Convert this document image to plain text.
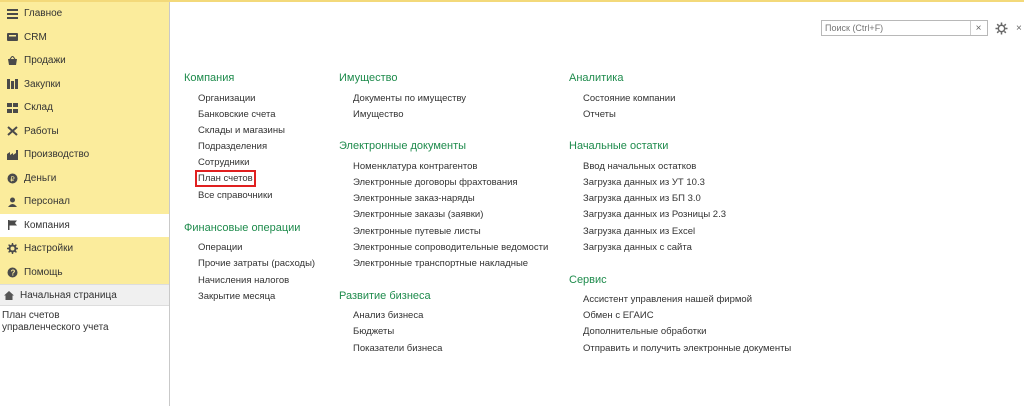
Главное
CRM
Продажи
Закупки
Склад
Работы
Производство
₽ Деньги
Персонал
Компания
Настройки
? Помощь
Начальная страница
План счетов управленческого учета
Поиск (Ctrl+F)
×	×
Компания
Организации
Банковские счета
Склады и магазины
Подразделения
Сотрудники
План счетов
Все справочники
Финансовые операции
Операции
Прочие затраты (расходы)
Начисления налогов
Закрытие месяца
Имущество
Документы по имуществу
Имущество
Электронные документы
Номенклатура контрагентов
Электронные договоры фрахтования
Электронные заказ-наряды
Электронные заказы (заявки)
Электронные путевые листы
Электронные сопроводительные ведомости
Электронные транспортные накладные
Развитие бизнеса
Анализ бизнеса
Бюджеты
Показатели бизнеса
Аналитика
Состояние компании
Отчеты
Начальные остатки
Ввод начальных остатков
Загрузка данных из УТ 10.3
Загрузка данных из БП 3.0
Загрузка данных из Розницы 2.3
Загрузка данных из Excel
Загрузка данных с сайта
Сервис
Ассистент управления нашей фирмой
Обмен с ЕГАИС
Дополнительные обработки
Отправить и получить электронные документы
